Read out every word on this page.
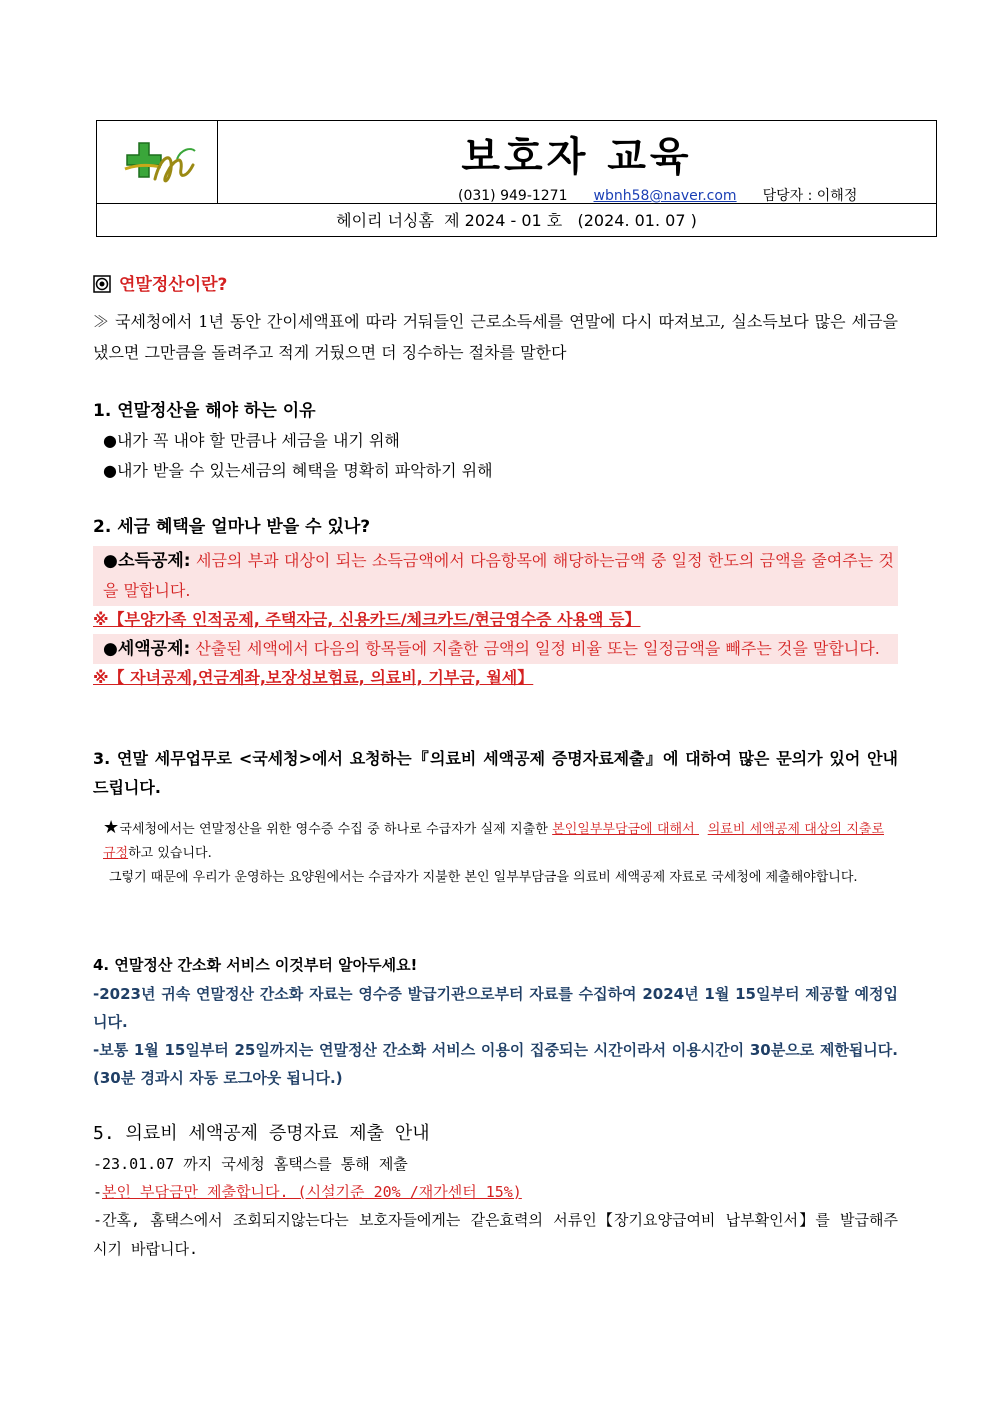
보호자 교육
(031) 949-1271 wbnh58@naver.com 담당자 : 이해정
헤이리 너싱홈  제 2024 - 01 호   (2024. 01. 07 )
연말정산이란?
≫ 국세청에서 1년 동안 간이세액표에 따라 거둬들인 근로소득세를 연말에 다시 따져보고, 실소득보다 많은 세금을 냈으면 그만큼을 돌려주고 적게 거뒀으면 더 징수하는 절차를 말한다
1. 연말정산을 해야 하는 이유
●내가 꼭 내야 할 만큼나 세금을 내기 위해
●내가 받을 수 있는세금의 혜택을 명확히 파악하기 위해
2. 세금 혜택을 얼마나 받을 수 있나?
●소득공제: 세금의 부과 대상이 되는 소득금액에서 다음항목에 해당하는금액 중 일정 한도의 금액을 줄여주는 것을 말합니다.
※【부양가족 인적공제, 주택자금, 신용카드/체크카드/현금영수증 사용액 등】
●세액공제: 산출된 세액에서 다음의 항목들에 지출한 금액의 일정 비율 또는 일정금액을 빼주는 것을 말합니다.
※【 자녀공제,연금계좌,보장성보험료, 의료비, 기부금, 월세】
3. 연말 세무업무로 <국세청>에서 요청하는『의료비 세액공제 증명자료제출』에 대하여 많은 문의가 있어 안내 드립니다.
★국세청에서는 연말정산을 위한 영수증 수집 중 하나로 수급자가 실제 지출한 본인일부부담금에 대해서   의료비 세액공제 대상의 지출로 규정하고 있습니다.
그렇기 때문에 우리가 운영하는 요양원에서는 수급자가 지불한 본인 일부부담금을 의료비 세액공제 자료로 국세청에 제출해야합니다.
4. 연말정산 간소화 서비스 이것부터 알아두세요!
-2023년 귀속 연말정산 간소화 자료는 영수증 발급기관으로부터 자료를 수집하여 2024년 1월 15일부터 제공할 예정입니다.
-보통 1월 15일부터 25일까지는 연말정산 간소화 서비스 이용이 집중되는 시간이라서 이용시간이 30분으로 제한됩니다.(30분 경과시 자동 로그아웃 됩니다.)
5. 의료비 세액공제 증명자료 제출 안내
-23.01.07 까지 국세청 홈택스를 통해 제출
-본인 부담금만 제출합니다. (시설기준 20% /재가센터 15%)
-간혹, 홈택스에서 조회되지않는다는 보호자들에게는 같은효력의 서류인【장기요양급여비 납부확인서】를 발급해주시기 바랍니다.
